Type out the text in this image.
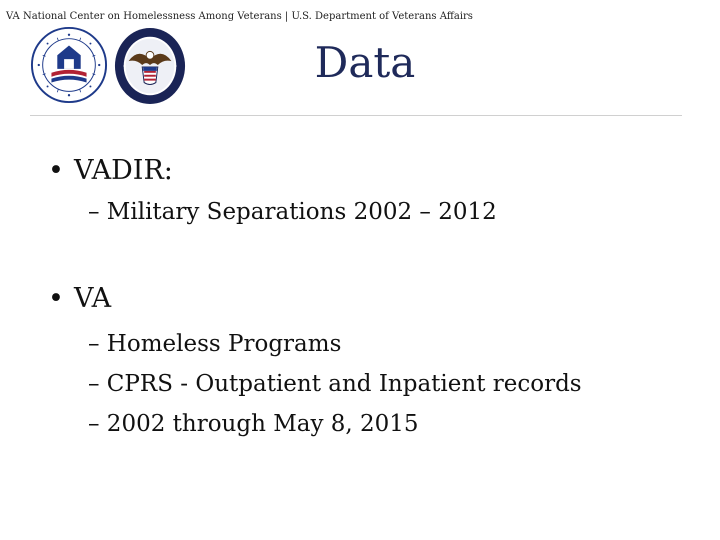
VA National Center on Homelessness Among Veterans | U.S. Department of Veterans Affairs
Data
• VADIR:
– Military Separations 2002 – 2012
• VA
– Homeless Programs
– CPRS - Outpatient and Inpatient records
– 2002 through May 8, 2015
